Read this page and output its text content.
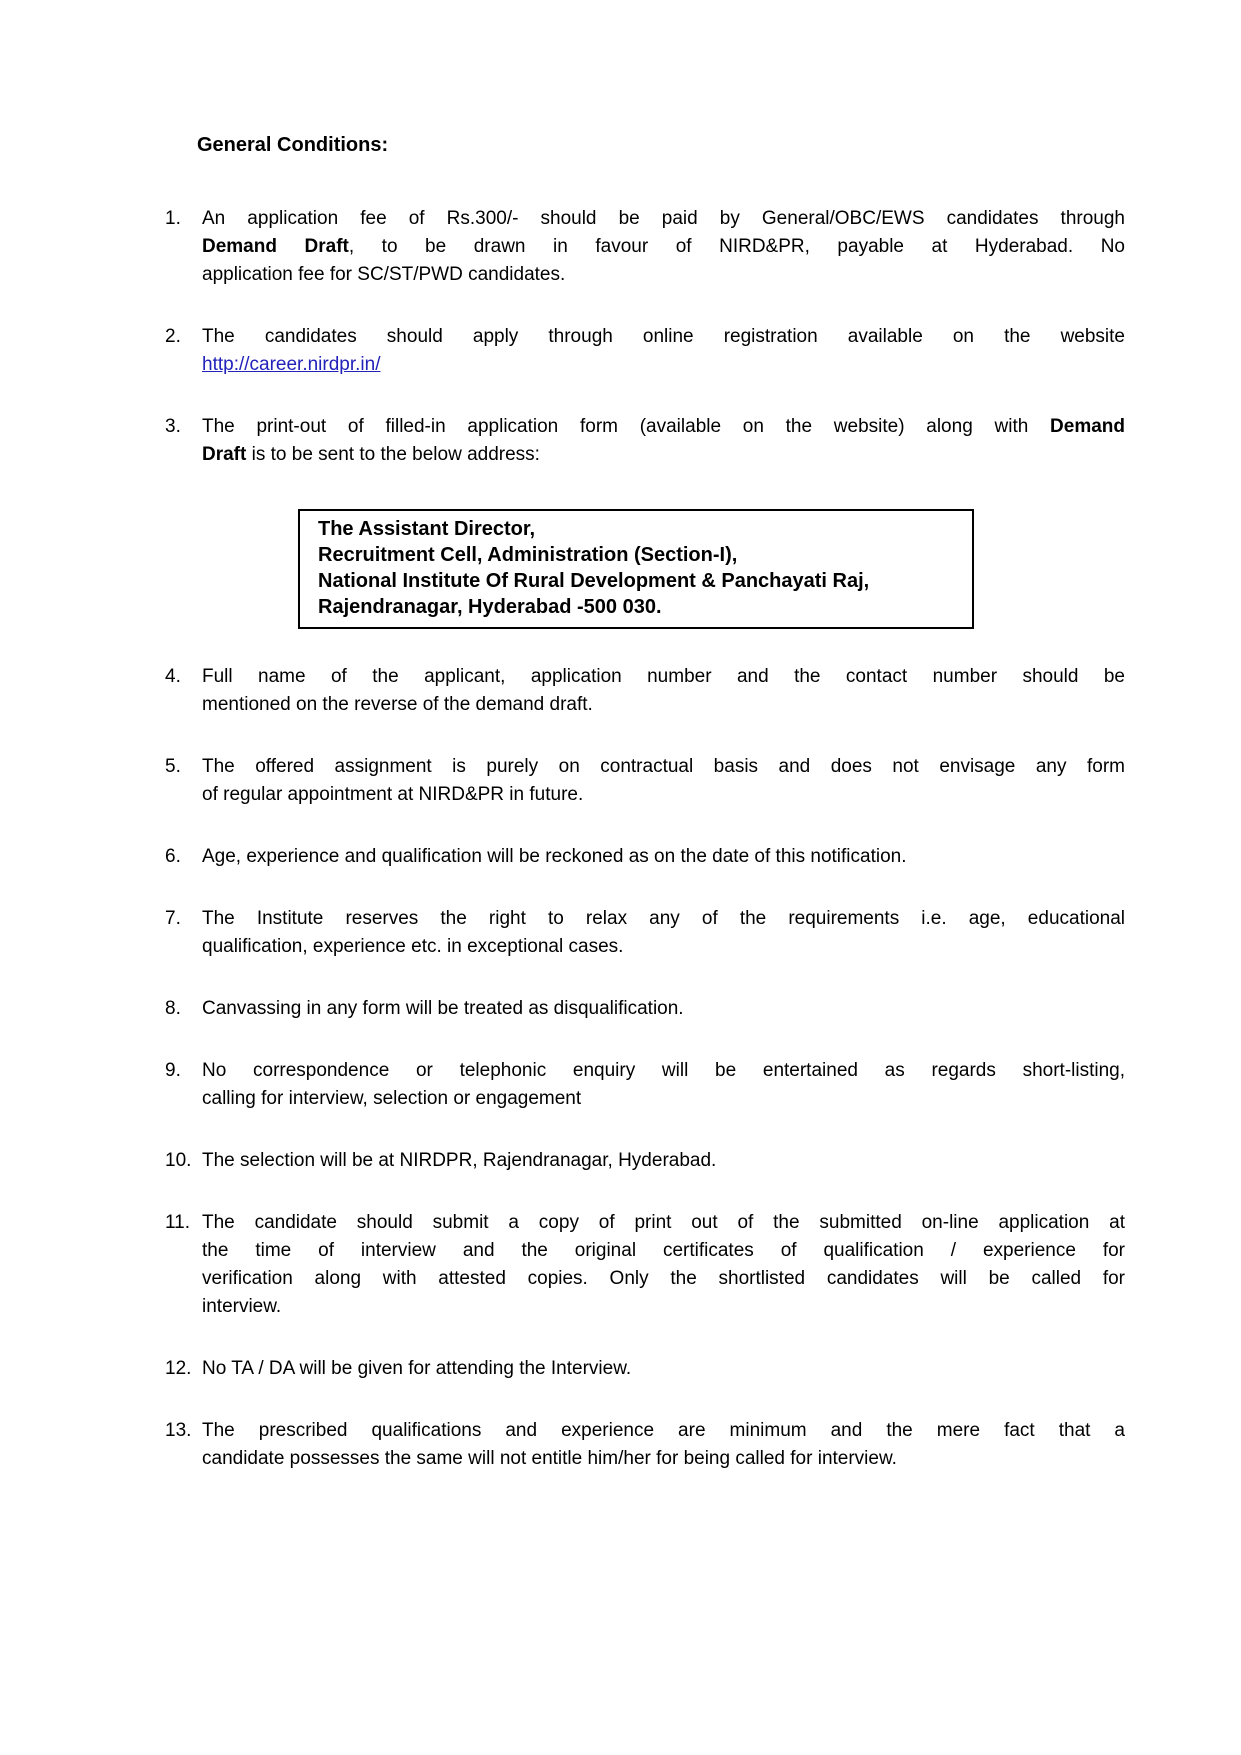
General Conditions:
1.	An application fee of Rs.300/- should be paid by General/OBC/EWS candidates through
Demand Draft, to be drawn in favour of NIRD&PR, payable at Hyderabad. No
application fee for SC/ST/PWD candidates.
2.	The candidates should apply through online registration available on the website
http://career.nirdpr.in/
3.	The print-out of filled-in application form (available on the website) along with Demand
Draft is to be sent to the below address:
The Assistant Director,
Recruitment Cell, Administration (Section-I),
National Institute Of Rural Development & Panchayati Raj,
Rajendranagar, Hyderabad -500 030.
4.	Full name of the applicant, application number and the contact number should be
mentioned on the reverse of the demand draft.
5.	The offered assignment is purely on contractual basis and does not envisage any form
of regular appointment at NIRD&PR in future.
6.	Age, experience and qualification will be reckoned as on the date of this notification.
7.	The Institute reserves the right to relax any of the requirements i.e. age, educational
qualification, experience etc. in exceptional cases.
8.	Canvassing in any form will be treated as disqualification.
9.	No correspondence or telephonic enquiry will be entertained as regards short-listing,
calling for interview, selection or engagement
10. The selection will be at NIRDPR, Rajendranagar, Hyderabad.
11. The candidate should submit a copy of print out of the submitted on-line application at
the time of interview and the original certificates of qualification / experience for
verification along with attested copies. Only the shortlisted candidates will be called for
interview.
12. No TA / DA will be given for attending the Interview.
13. The prescribed qualifications and experience are minimum and the mere fact that a
candidate possesses the same will not entitle him/her for being called for interview.
